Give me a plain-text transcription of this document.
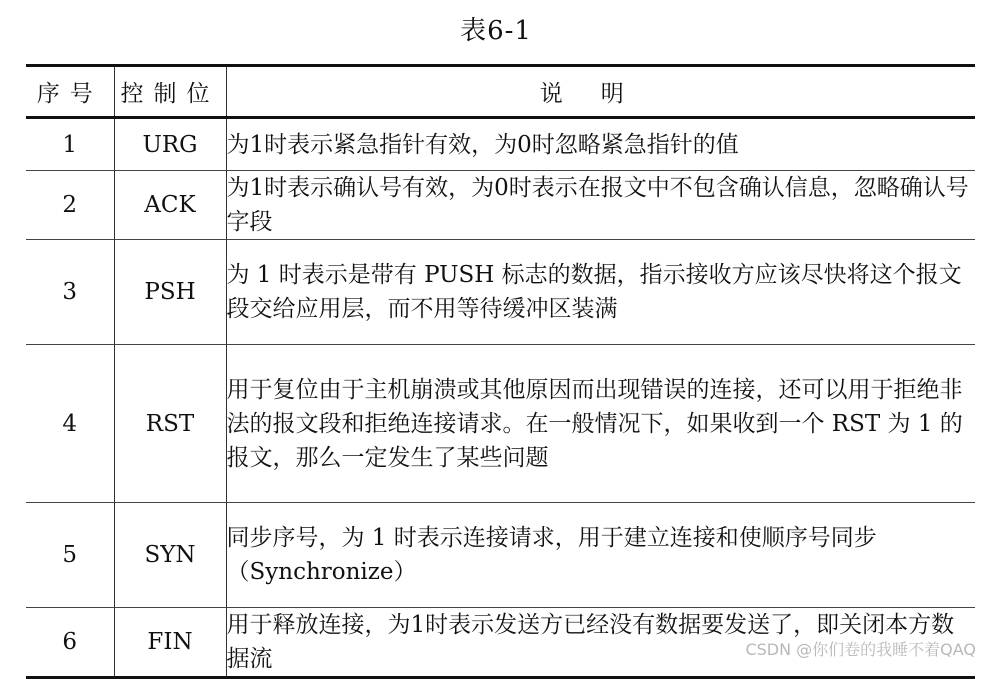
表6-1
序号	控制位	说明
1	URG	为1时表示紧急指针有效，为0时忽略紧急指针的值
2	ACK	为1时表示确认号有效，为0时表示在报文中不包含确认信息，忽略确认号字段
3	PSH	为 1 时表示是带有 PUSH 标志的数据，指示接收方应该尽快将这个报文段交给应用层，而不用等待缓冲区装满
4	RST	用于复位由于主机崩溃或其他原因而出现错误的连接，还可以用于拒绝非法的报文段和拒绝连接请求。在一般情况下，如果收到一个 RST 为 1 的报文，那么一定发生了某些问题
5	SYN	同步序号，为 1 时表示连接请求，用于建立连接和使顺序号同步（Synchronize）
6	FIN	用于释放连接，为1时表示发送方已经没有数据要发送了，即关闭本方数据流	CSDN @你们卷的我睡不着QAQ
